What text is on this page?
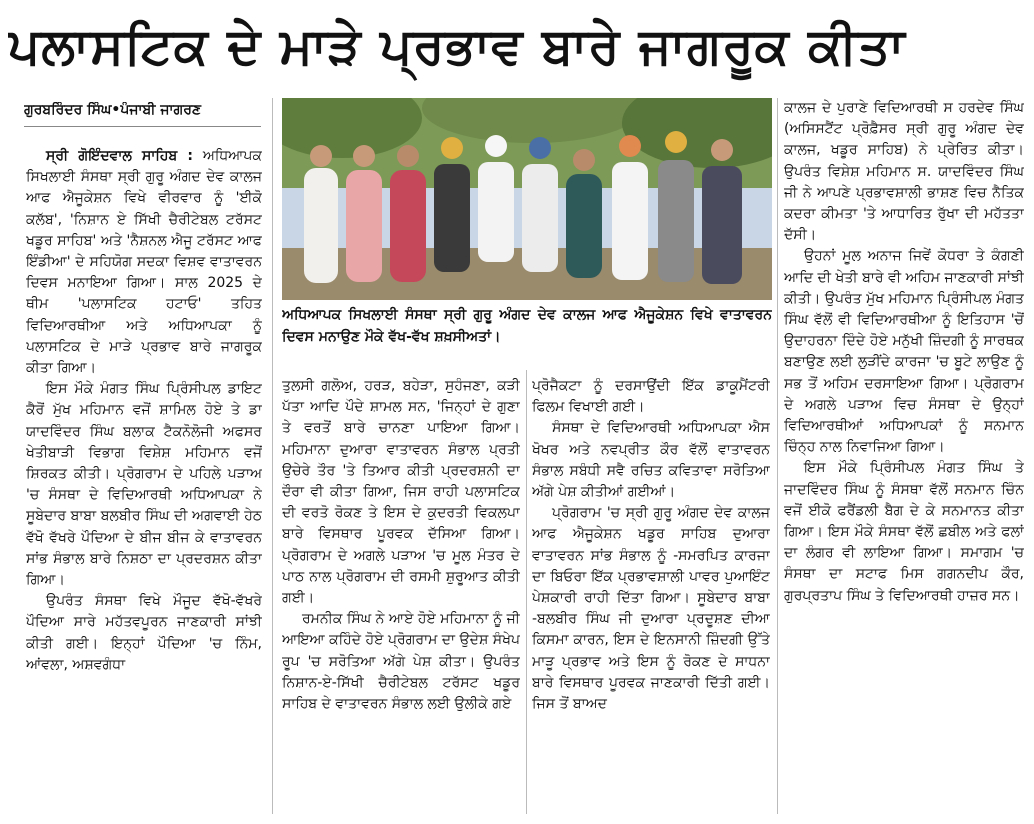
ਪਲਾਸਟਿਕ ਦੇ ਮਾੜੇ ਪ੍ਰਭਾਵ ਬਾਰੇ ਜਾਗਰੂਕ ਕੀਤਾ
ਗੁਰਬਰਿੰਦਰ ਸਿੰਘ•ਪੰਜਾਬੀ ਜਾਗਰਣ

ਸ੍ਰੀ ਗੋਇੰਦਵਾਲ ਸਾਹਿਬ : ਅਧਿਆਪਕ ਸਿਖਲਾਈ ਸੰਸਥਾ ਸ੍ਰੀ ਗੁਰੂ ਅੰਗਦ ਦੇਵ ਕਾਲਜ ਆਫ ਐਜੂਕੇਸ਼ਨ ਵਿਖੇ ਵੀਰਵਾਰ ਨੂੰ 'ਈਕੋ ਕਲੱਬ', 'ਨਿਸ਼ਾਨ ਏ ਸਿੱਖੀ ਚੈਰੀਟੇਬਲ ਟਰੱਸਟ ਖਡੂਰ ਸਾਹਿਬ' ਅਤੇ 'ਨੈਸ਼ਨਲ ਐਜੂ ਟਰੱਸਟ ਆਫ ਇੰਡੀਆ' ਦੇ ਸਹਿਯੋਗ ਸਦਕਾ ਵਿਸ਼ਵ ਵਾਤਾਵਰਨ ਦਿਵਸ ਮਨਾਇਆ ਗਿਆ। ਸਾਲ 2025 ਦੇ ਥੀਮ 'ਪਲਾਸਟਿਕ ਹਟਾਓ' ਤਹਿਤ ਵਿਦਿਆਰਥੀਆ ਅਤੇ ਅਧਿਆਪਕਾ ਨੂੰ ਪਲਾਸਟਿਕ ਦੇ ਮਾੜੇ ਪ੍ਰਭਾਵ ਬਾਰੇ ਜਾਗਰੂਕ ਕੀਤਾ ਗਿਆ।

ਇਸ ਮੌਕੇ ਮੰਗਤ ਸਿੰਘ ਪ੍ਰਿੰਸੀਪਲ ਡਾਇਟ ਕੈਰੋਂ ਮੁੱਖ ਮਹਿਮਾਨ ਵਜੋਂ ਸ਼ਾਮਿਲ ਹੋਏ ਤੇ ਡਾ ਯਾਦਵਿੰਦਰ ਸਿੰਘ ਬਲਾਕ ਟੈਕਨੋਲੋਜੀ ਅਫਸਰ ਖੇਤੀਬਾੜੀ ਵਿਭਾਗ ਵਿਸ਼ੇਸ਼ ਮਹਿਮਾਨ ਵਜੋਂ ਸ਼ਿਰਕਤ ਕੀਤੀ। ਪ੍ਰੋਗਰਾਮ ਦੇ ਪਹਿਲੇ ਪੜਾਅ 'ਚ ਸੰਸਥਾ ਦੇ ਵਿਦਿਆਰਥੀ ਅਧਿਆਪਕਾ ਨੇ ਸੂਬੇਦਾਰ ਬਾਬਾ ਬਲਬੀਰ ਸਿੰਘ ਦੀ ਅਗਵਾਈ ਹੇਠ ਵੱਖੋ ਵੱਖਰੇ ਪੌਦਿਆ ਦੇ ਬੀਜ ਬੀਜ ਕੇ ਵਾਤਾਵਰਨ ਸਾਂਭ ਸੰਭਾਲ ਬਾਰੇ ਨਿਸ਼ਠਾ ਦਾ ਪ੍ਰਦਰਸ਼ਨ ਕੀਤਾ ਗਿਆ।

ਉਪਰੰਤ ਸੰਸਥਾ ਵਿਖੇ ਮੌਜੂਦ ਵੱਖੋ-ਵੱਖਰੇ ਪੌਦਿਆ ਸਾਰੇ ਮਹੱਤਵਪੂਰਨ ਜਾਣਕਾਰੀ ਸਾਂਝੀ ਕੀਤੀ ਗਈ। ਇਨ੍ਹਾਂ ਪੌਦਿਆ 'ਚ ਨਿੰਮ, ਆਂਵਲਾ, ਅਸ਼ਵਗੰਧਾ

ਅਧਿਆਪਕ ਸਿਖਲਾਈ ਸੰਸਥਾ ਸ੍ਰੀ ਗੁਰੂ ਅੰਗਦ ਦੇਵ ਕਾਲਜ ਆਫ ਐਜੂਕੇਸ਼ਨ ਵਿਖੇ ਵਾਤਾਵਰਨ ਦਿਵਸ ਮਨਾਉਣ ਮੌਕੇ ਵੱਖ-ਵੱਖ ਸ਼ਖ਼ਸੀਅਤਾਂ।

ਤੁਲਸੀ ਗਲੋਅ, ਹਰੜ, ਬਹੇੜਾ, ਸੁਹੰਜਣਾ, ਕੜੀ ਪੱਤਾ ਆਦਿ ਪੌਦੇ ਸ਼ਾਮਲ ਸਨ, 'ਜਿਨ੍ਹਾਂ ਦੇ ਗੁਣਾ ਤੇ ਵਰਤੋਂ ਬਾਰੇ ਚਾਨਣਾ ਪਾਇਆ ਗਿਆ। ਮਹਿਮਾਨਾ ਦੁਆਰਾ ਵਾਤਾਵਰਨ ਸੰਭਾਲ ਪ੍ਰਤੀ ਉਚੇਰੇ ਤੌਰ 'ਤੇ ਤਿਆਰ ਕੀਤੀ ਪ੍ਰਦਰਸ਼ਨੀ ਦਾ ਦੌਰਾ ਵੀ ਕੀਤਾ ਗਿਆ, ਜਿਸ ਰਾਹੀ ਪਲਾਸਟਿਕ ਦੀ ਵਰਤੋ ਰੋਕਣ ਤੇ ਇਸ ਦੇ ਕੁਦਰਤੀ ਵਿਕਲਪਾ ਬਾਰੇ ਵਿਸਥਾਰ ਪੂਰਵਕ ਦੱਸਿਆ ਗਿਆ। ਪ੍ਰੋਗਰਾਮ ਦੇ ਅਗਲੇ ਪੜਾਅ 'ਚ ਮੂਲ ਮੰਤਰ ਦੇ ਪਾਠ ਨਾਲ ਪ੍ਰੋਗਰਾਮ ਦੀ ਰਸਮੀ ਸ਼ੁਰੂਆਤ ਕੀਤੀ ਗਈ।

ਰਮਨੀਕ ਸਿੰਘ ਨੇ ਆਏ ਹੋਏ ਮਹਿਮਾਨਾ ਨੂੰ ਜੀ ਆਇਆ ਕਹਿੰਦੇ ਹੋਏ ਪ੍ਰੋਗਰਾਮ ਦਾ ਉਦੇਸ਼ ਸੰਖੇਪ ਰੂਪ 'ਚ ਸਰੋਤਿਆ ਅੱਗੇ ਪੇਸ਼ ਕੀਤਾ। ਉਪਰੰਤ ਨਿਸ਼ਾਨ-ਏ-ਸਿੱਖੀ ਚੈਰੀਟੇਬਲ ਟਰੱਸਟ ਖਡੂਰ ਸਾਹਿਬ ਦੇ ਵਾਤਾਵਰਨ ਸੰਭਾਲ ਲਈ ਉਲੀਕੇ ਗਏ

ਪ੍ਰੋਜੈਕਟਾ ਨੂੰ ਦਰਸਾਉਂਦੀ ਇੱਕ ਡਾਕੂਮੈਂਟਰੀ ਫਿਲਮ ਵਿਖਾਈ ਗਈ।

ਸੰਸਥਾ ਦੇ ਵਿਦਿਆਰਥੀ ਅਧਿਆਪਕਾ ਐਸ ਖੋਖਰ ਅਤੇ ਨਵਪ੍ਰੀਤ ਕੌਰ ਵੱਲੋਂ ਵਾਤਾਵਰਨ ਸੰਭਾਲ ਸਬੰਧੀ ਸਵੈ ਰਚਿਤ ਕਵਿਤਾਵਾ ਸਰੋਤਿਆ ਅੱਗੇ ਪੇਸ਼ ਕੀਤੀਆਂ ਗਈਆਂ।

ਪ੍ਰੋਗਰਾਮ 'ਚ ਸ੍ਰੀ ਗੁਰੂ ਅੰਗਦ ਦੇਵ ਕਾਲਜ ਆਫ ਐਜੂਕੇਸ਼ਨ ਖਡੂਰ ਸਾਹਿਬ ਦੁਆਰਾ ਵਾਤਾਵਰਨ ਸਾਂਭ ਸੰਭਾਲ ਨੂੰ -ਸਮਰਪਿਤ ਕਾਰਜਾ ਦਾ ਬਿਓਰਾ ਇੱਕ ਪ੍ਰਭਾਵਸ਼ਾਲੀ ਪਾਵਰ ਪੁਆਇੰਟ ਪੇਸ਼ਕਾਰੀ ਰਾਹੀ ਦਿੱਤਾ ਗਿਆ। ਸੂਬੇਦਾਰ ਬਾਬਾ -ਬਲਬੀਰ ਸਿੰਘ ਜੀ ਦੁਆਰਾ ਪ੍ਰਦੂਸ਼ਣ ਦੀਆ ਕਿਸਮਾ ਕਾਰਨ, ਇਸ ਦੇ ਇਨਸਾਨੀ ਜ਼ਿੰਦਗੀ ਉੱਤੇ ਮਾੜੂ ਪ੍ਰਭਾਵ ਅਤੇ ਇਸ ਨੂੰ ਰੋਕਣ ਦੇ ਸਾਧਨਾ ਬਾਰੇ ਵਿਸਥਾਰ ਪੂਰਵਕ ਜਾਣਕਾਰੀ ਦਿੱਤੀ ਗਈ। ਜਿਸ ਤੋਂ ਬਾਅਦ

ਕਾਲਜ ਦੇ ਪੁਰਾਣੇ ਵਿਦਿਆਰਥੀ ਸ ਹਰਦੇਵ ਸਿੰਘ (ਅਸਿਸਟੈਂਟ ਪ੍ਰੋਫ਼ੈਸਰ ਸ੍ਰੀ ਗੁਰੂ ਅੰਗਦ ਦੇਵ ਕਾਲਜ, ਖਡੂਰ ਸਾਹਿਬ) ਨੇ ਪ੍ਰੇਰਿਤ ਕੀਤਾ। ਉਪਰੰਤ ਵਿਸ਼ੇਸ਼ ਮਹਿਮਾਨ ਸ. ਯਾਦਵਿੰਦਰ ਸਿੰਘ ਜੀ ਨੇ ਆਪਣੇ ਪ੍ਰਭਾਵਸ਼ਾਲੀ ਭਾਸ਼ਣ ਵਿਚ ਨੈਤਿਕ ਕਦਰਾ ਕੀਮਤਾ 'ਤੇ ਆਧਾਰਿਤ ਰੁੱਖਾ ਦੀ ਮਹੱਤਤਾ ਦੱਸੀ।

ਉਹਨਾਂ ਮੂਲ ਅਨਾਜ ਜਿਵੇਂ ਕੋਧਰਾ ਤੇ ਕੰਗਣੀ ਆਦਿ ਦੀ ਖੇਤੀ ਬਾਰੇ ਵੀ ਅਹਿਮ ਜਾਣਕਾਰੀ ਸਾਂਝੀ ਕੀਤੀ। ਉਪਰੰਤ ਮੁੱਖ ਮਹਿਮਾਨ ਪ੍ਰਿੰਸੀਪਲ ਮੰਗਤ ਸਿੰਘ ਵੱਲੋਂ ਵੀ ਵਿਦਿਆਰਥੀਆ ਨੂੰ ਇਤਿਹਾਸ 'ਚੋਂ ਉਦਾਹਰਨਾ ਦਿੰਦੇ ਹੋਏ ਮਨੁੱਖੀ ਜ਼ਿੰਦਗੀ ਨੂੰ ਸਾਰਥਕ ਬਣਾਉਣ ਲਈ ਲੁੜੀਂਦੇ ਕਾਰਜਾ 'ਚ ਬੂਟੇ ਲਾਉਣ ਨੂੰ ਸਭ ਤੋਂ ਅਹਿਮ ਦਰਸਾਇਆ ਗਿਆ। ਪ੍ਰੋਗਰਾਮ ਦੇ ਅਗਲੇ ਪੜਾਅ ਵਿਚ ਸੰਸਥਾ ਦੇ ਉਨ੍ਹਾਂ ਵਿਦਿਆਰਥੀਆਂ ਅਧਿਆਪਕਾਂ ਨੂੰ ਸਨਮਾਨ ਚਿੰਨ੍ਹ ਨਾਲ ਨਿਵਾਜਿਆ ਗਿਆ।

ਇਸ ਮੌਕੇ ਪ੍ਰਿੰਸੀਪਲ ਮੰਗਤ ਸਿੰਘ ਤੇ ਜਾਦਵਿੰਦਰ ਸਿੰਘ ਨੂੰ ਸੰਸਥਾ ਵੱਲੋਂ ਸਨਮਾਨ ਚਿੰਨ ਵਜੋਂ ਈਕੋ ਫਰੈਂਡਲੀ ਬੈਗ ਦੇ ਕੇ ਸਨਮਾਨਤ ਕੀਤਾ ਗਿਆ। ਇਸ ਮੌਕੇ ਸੰਸਥਾ ਵੱਲੋਂ ਛਬੀਲ ਅਤੇ ਫਲਾਂ ਦਾ ਲੰਗਰ ਵੀ ਲਾਇਆ ਗਿਆ। ਸਮਾਗਮ 'ਚ ਸੰਸਥਾ ਦਾ ਸਟਾਫ ਮਿਸ ਗਗਨਦੀਪ ਕੌਰ, ਗੁਰਪ੍ਰਤਾਪ ਸਿੰਘ ਤੇ ਵਿਦਿਆਰਥੀ ਹਾਜ਼ਰ ਸਨ।
